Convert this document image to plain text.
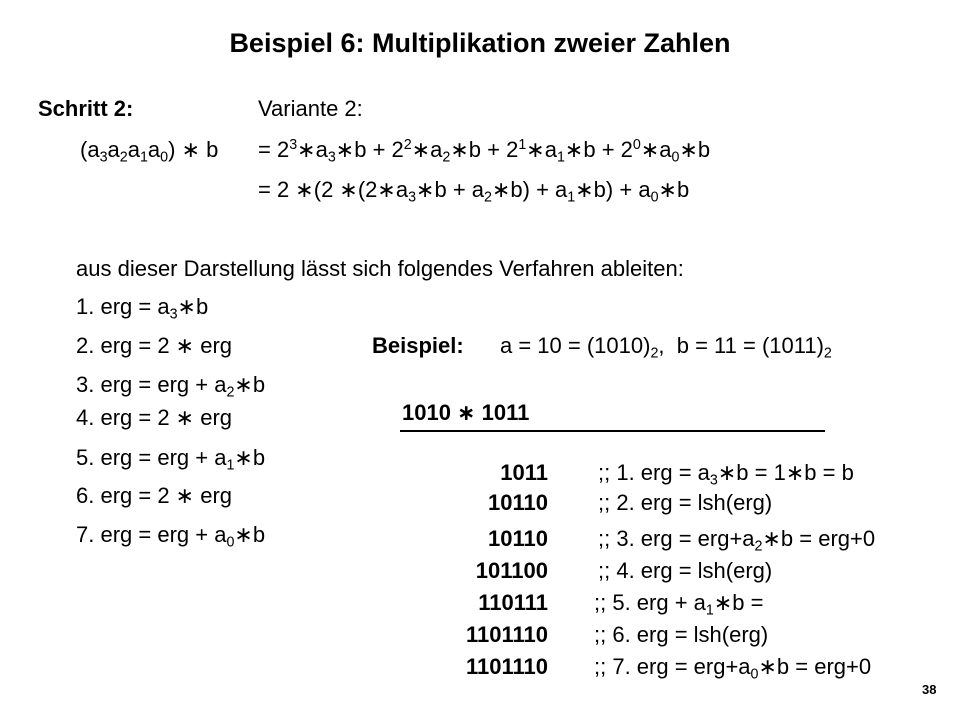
Beispiel 6: Multiplikation zweier Zahlen
Schritt 2:	Variante 2:
$(a_3a_2a_1a_0)$ ∗ $b = 2^3∗a_3∗b$ + $2^2∗a_2∗b$ + $2^1∗a_1∗b$ + $2^0∗a_0∗b$
= 2 ∗(2 $∗(2∗a_3∗b$ + $a_2∗b$) + $a_1∗b$) + $a_0∗b$
aus dieser Darstellung lässt sich folgendes Verfahren ableiten:
1. erg = $a_3∗b$
2. erg = 2 ∗ erg
3. erg = erg + $a_2∗b$
4. erg = 2 ∗ erg
5. erg = erg + $a_1∗b$
6. erg = 2 ∗ erg
7. erg = erg + $a_0∗b$
Beispiel: $a = 10 = (1010)_2$,  $b = 11 = (1011)_2$
1010 ∗ 1011
1011 ;; 1. erg = $a_3∗b$ = 1∗b = b
10110 ;; 2. erg = lsh(erg)
10110 ;; 3. erg = $erg+a_2∗b = erg+0$
101100 ;; 4. erg = lsh(erg)
110111 ;; 5. erg + $a_1∗b$ =
1101110 ;; 6. erg = lsh(erg)
1101110 ;; 7. erg = $erg+a_0∗b = erg+0$
38
